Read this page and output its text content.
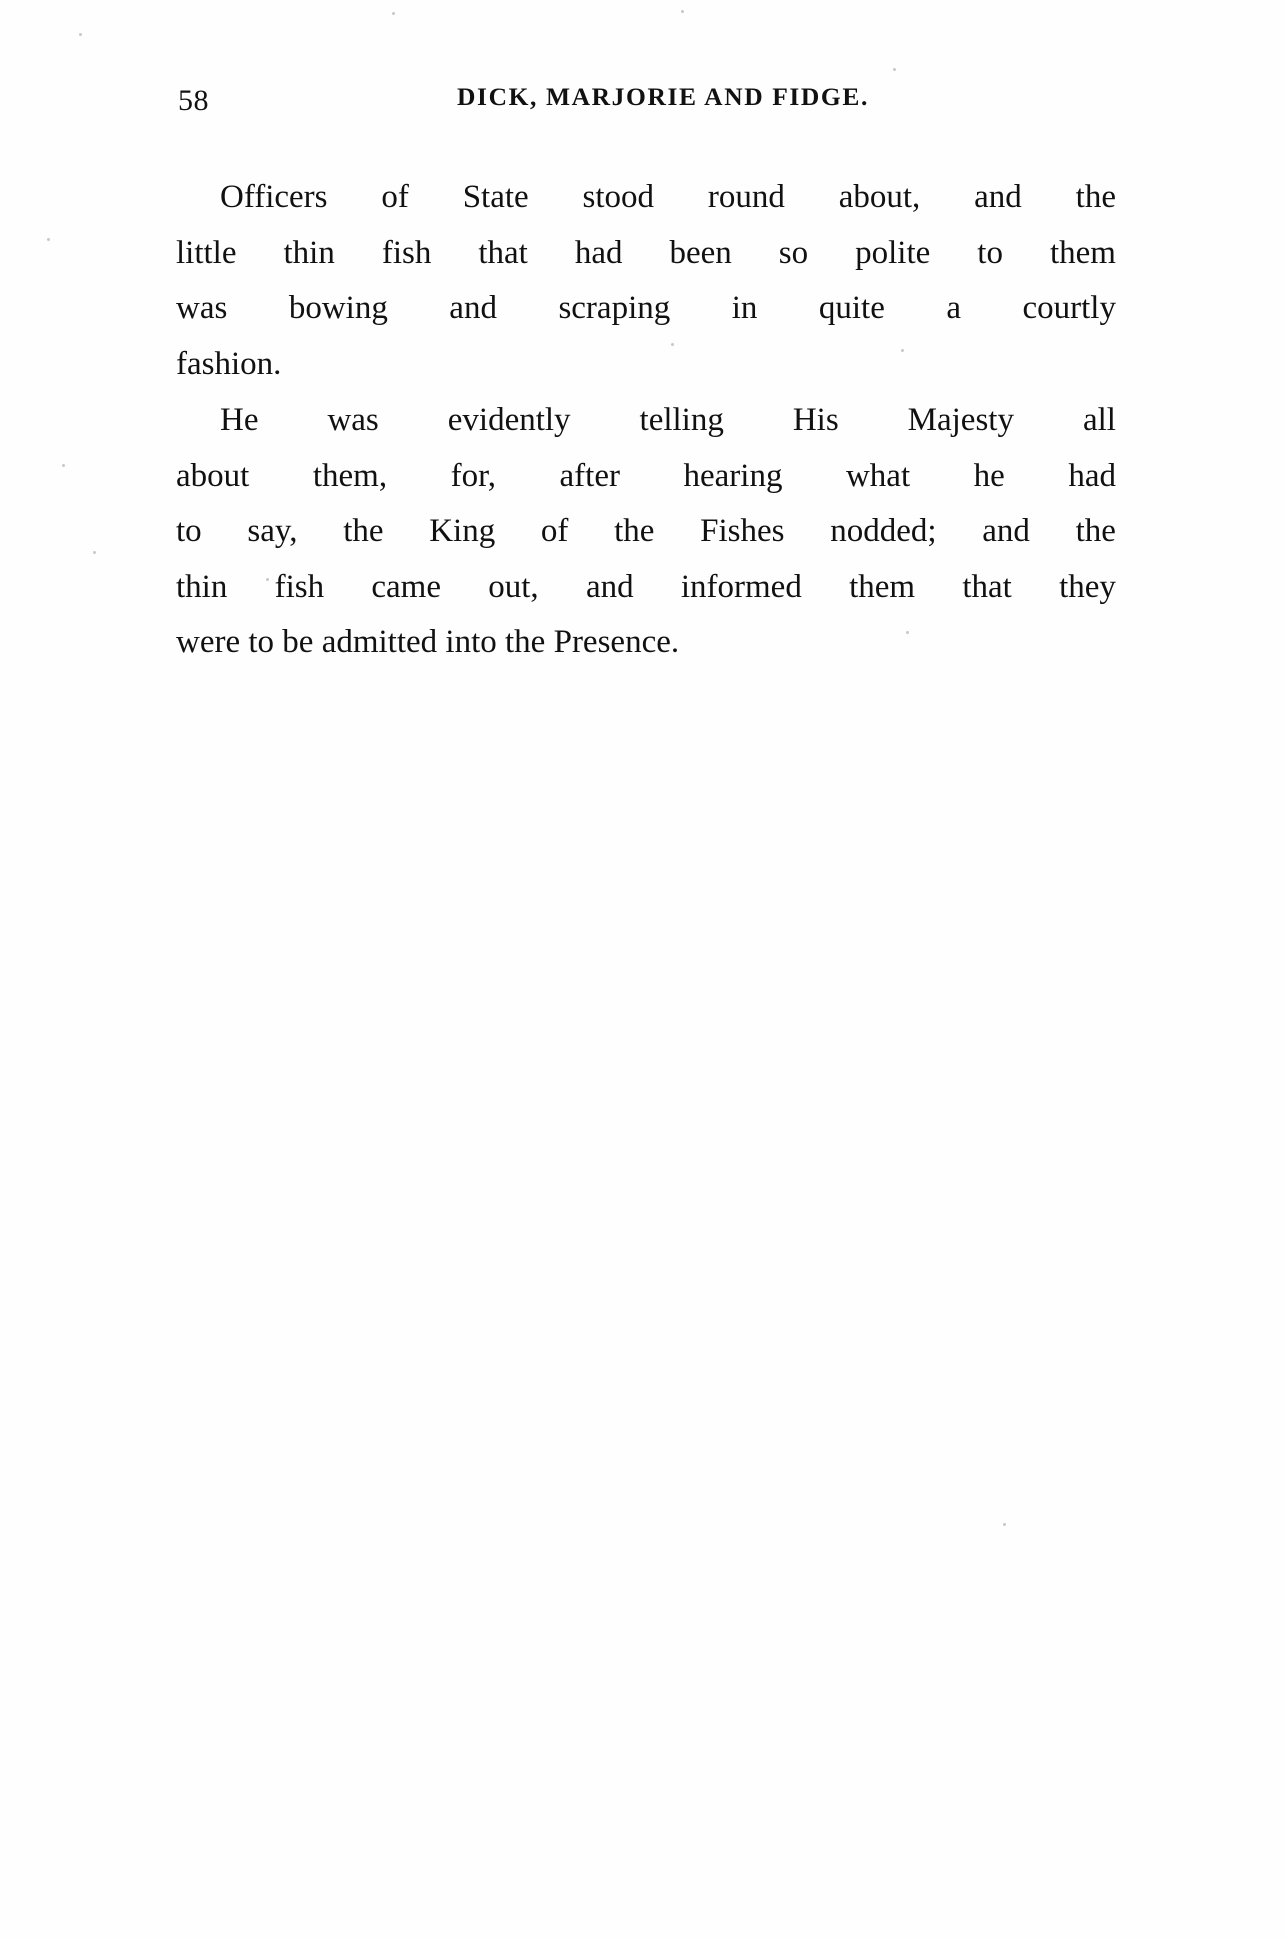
58	DICK, MARJORIE AND FIDGE.

Officers of State stood round about, and the
little thin fish that had been so polite to them
was bowing and scraping in quite a courtly
fashion.

He was evidently telling His Majesty all
about them, for, after hearing what he had
to say, the King of the Fishes nodded; and the
thin fish came out, and informed them that they
were to be admitted into the Presence.
